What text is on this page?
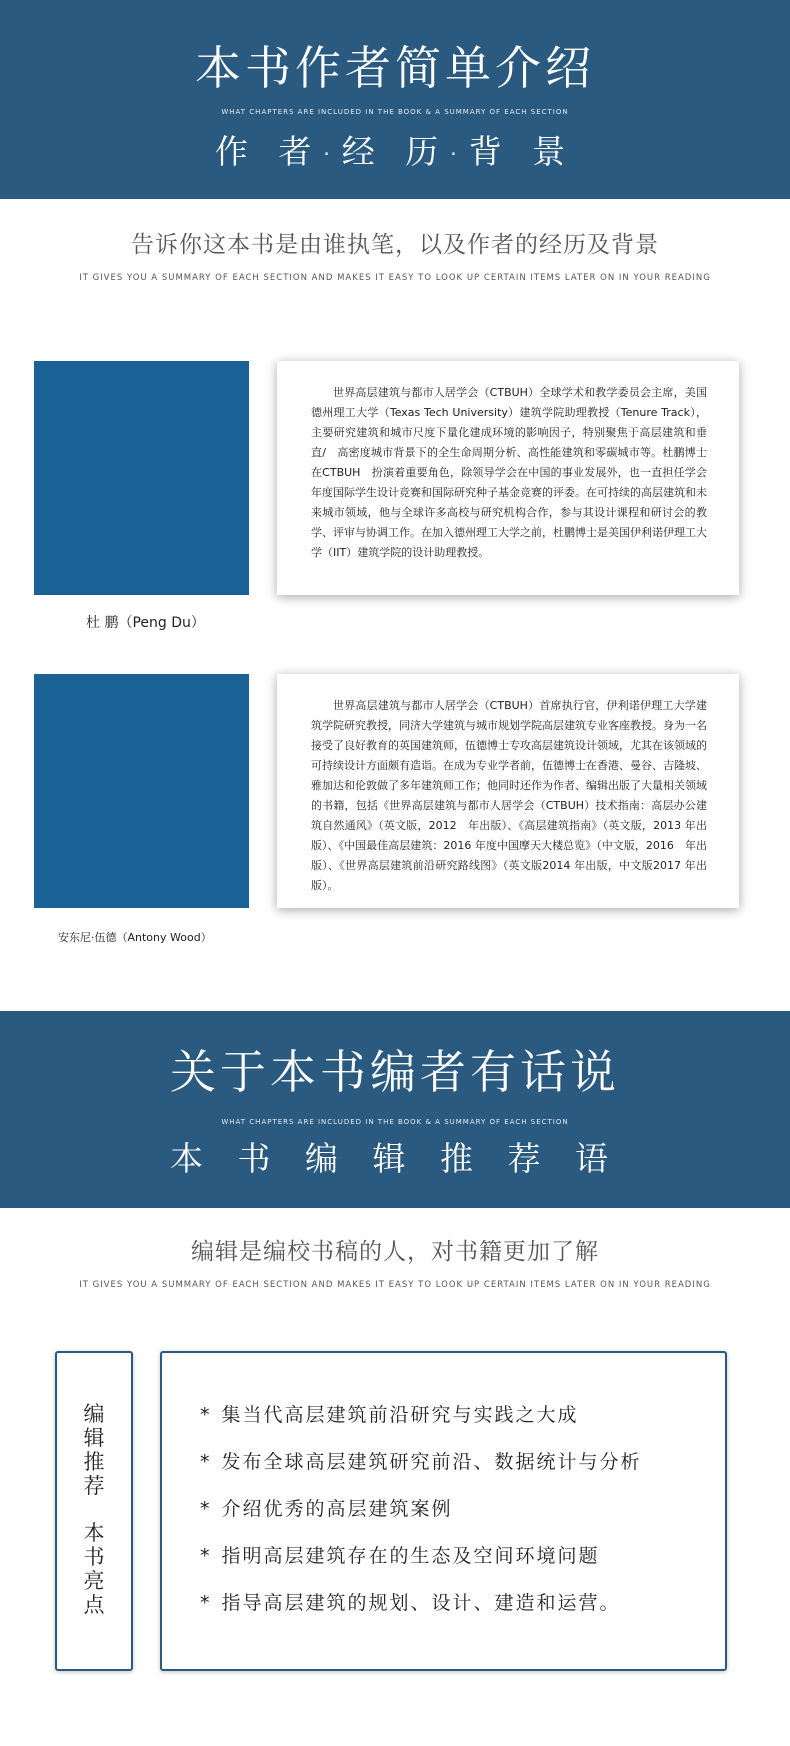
本书作者简单介绍
WHAT CHAPTERS ARE INCLUDED IN THE BOOK & A SUMMARY OF EACH SECTION
作 者 ·经 历 ·背 景
告诉你这本书是由谁执笔，以及作者的经历及背景
IT GIVES YOU A SUMMARY OF EACH SECTION AND MAKES IT EASY TO LOOK UP CERTAIN ITEMS LATER ON IN YOUR READING
世界高层建筑与都市人居学会（CTBUH）全球学术和教学委员会主席，美国德州理工大学（Texas Tech University）建筑学院助理教授（Tenure Track），主要研究建筑和城市尺度下量化建成环境的影响因子，特别聚焦于高层建筑和垂直/　高密度城市背景下的全生命周期分析、高性能建筑和零碳城市等。杜鹏博士在CTBUH　扮演着重要角色，除领导学会在中国的事业发展外，也一直担任学会年度国际学生设计竞赛和国际研究种子基金竞赛的评委。在可持续的高层建筑和未来城市领域，他与全球许多高校与研究机构合作，参与其设计课程和研讨会的教学、评审与协调工作。在加入德州理工大学之前，杜鹏博士是美国伊利诺伊理工大学（IIT）建筑学院的设计助理教授。
杜 鹏（Peng Du）
世界高层建筑与都市人居学会（CTBUH）首席执行官，伊利诺伊理工大学建筑学院研究教授，同济大学建筑与城市规划学院高层建筑专业客座教授。身为一名接受了良好教育的英国建筑师，伍德博士专攻高层建筑设计领域，尤其在该领域的可持续设计方面颇有造诣。在成为专业学者前，伍德博士在香港、曼谷、吉隆坡、雅加达和伦敦做了多年建筑师工作；他同时还作为作者、编辑出版了大量相关领域的书籍，包括《世界高层建筑与都市人居学会（CTBUH）技术指南：高层办公建筑自然通风》（英文版，2012　年出版）、《高层建筑指南》（英文版，2013 年出版）、《中国最佳高层建筑：2016 年度中国摩天大楼总览》（中文版，2016　年出版）、《世界高层建筑前沿研究路线图》（英文版2014 年出版，中文版2017 年出版）。
安东尼·伍德（Antony Wood）
关于本书编者有话说
WHAT CHAPTERS ARE INCLUDED IN THE BOOK & A SUMMARY OF EACH SECTION
本 书 编 辑 推 荐 语
编辑是编校书稿的人，对书籍更加了解
IT GIVES YOU A SUMMARY OF EACH SECTION AND MAKES IT EASY TO LOOK UP CERTAIN ITEMS LATER ON IN YOUR READING
编
辑
推
荐
本
书
亮
点
* 集当代高层建筑前沿研究与实践之大成
* 发布全球高层建筑研究前沿、数据统计与分析
* 介绍优秀的高层建筑案例
* 指明高层建筑存在的生态及空间环境问题
* 指导高层建筑的规划、设计、建造和运营。
